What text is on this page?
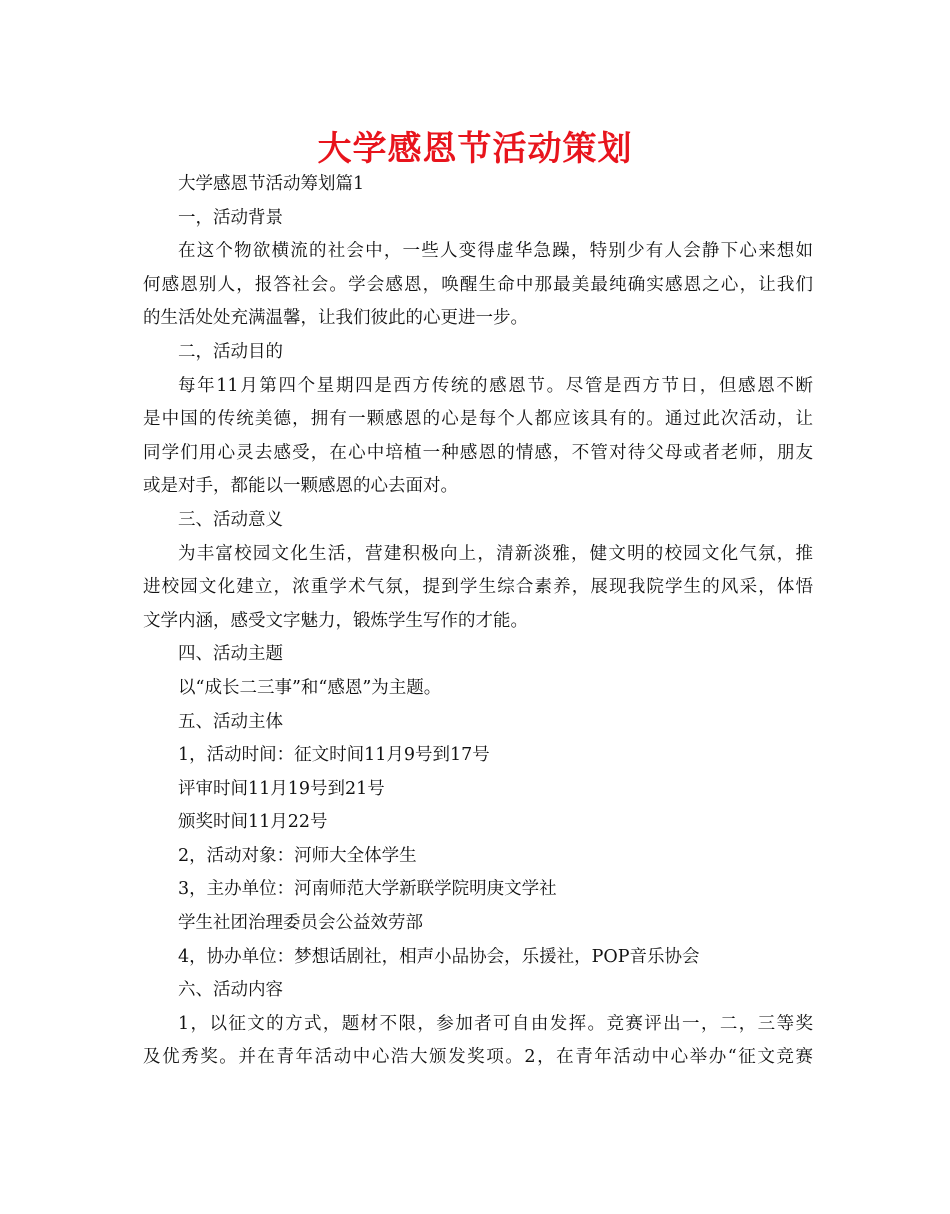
大学感恩节活动策划
大学感恩节活动筹划篇1
一，活动背景
在这个物欲横流的社会中，一些人变得虚华急躁，特别少有人会静下心来想如
何感恩别人，报答社会。学会感恩，唤醒生命中那最美最纯确实感恩之心，让我们
的生活处处充满温馨，让我们彼此的心更进一步。
二，活动目的
每年11月第四个星期四是西方传统的感恩节。尽管是西方节日，但感恩不断
是中国的传统美德，拥有一颗感恩的心是每个人都应该具有的。通过此次活动，让
同学们用心灵去感受，在心中培植一种感恩的情感，不管对待父母或者老师，朋友
或是对手，都能以一颗感恩的心去面对。
三、活动意义
为丰富校园文化生活，营建积极向上，清新淡雅，健文明的校园文化气氛，推
进校园文化建立，浓重学术气氛，提到学生综合素养，展现我院学生的风采，体悟
文学内涵，感受文字魅力，锻炼学生写作的才能。
四、活动主题
以“成长二三事”和“感恩”为主题。
五、活动主体
1，活动时间：征文时间11月9号到17号
评审时间11月19号到21号
颁奖时间11月22号
2，活动对象：河师大全体学生
3，主办单位：河南师范大学新联学院明庚文学社
学生社团治理委员会公益效劳部
4，协办单位：梦想话剧社，相声小品协会，乐援社，POP音乐协会
六、活动内容
1，以征文的方式，题材不限，参加者可自由发挥。竞赛评出一，二，三等奖
及优秀奖。并在青年活动中心浩大颁发奖项。2，在青年活动中心举办“征文竞赛
